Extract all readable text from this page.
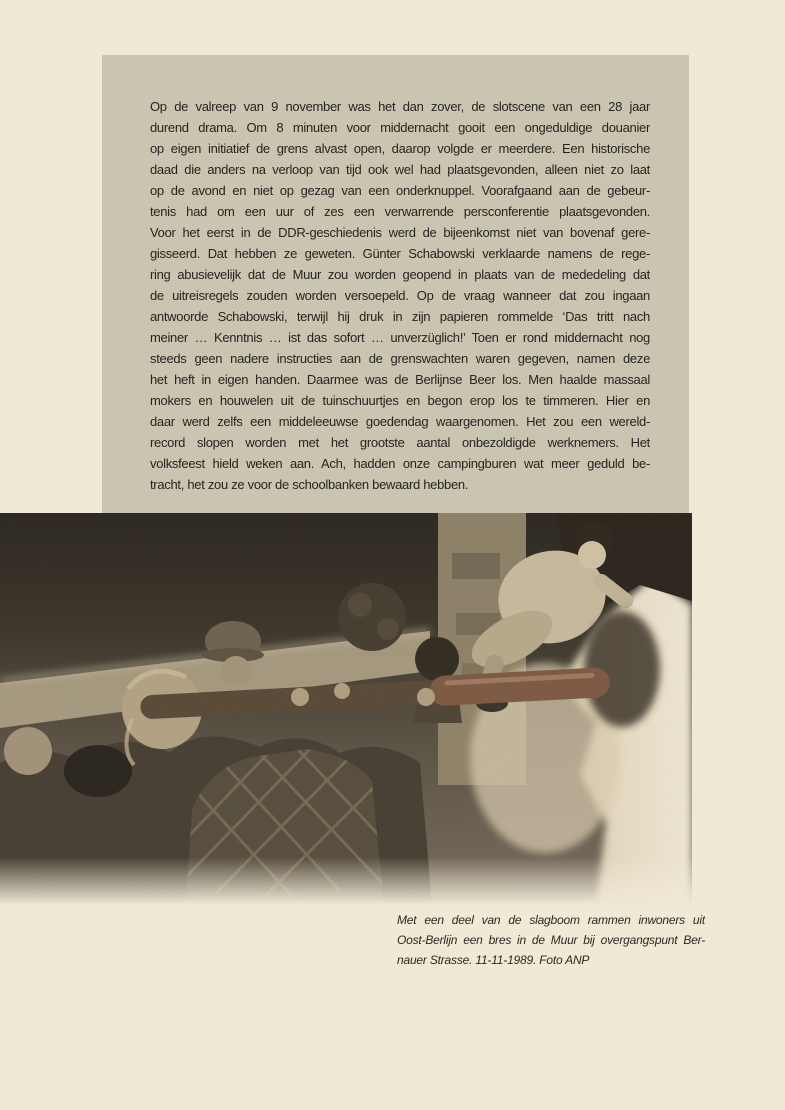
Op de valreep van 9 november was het dan zover, de slotscene van een 28 jaar
durend drama. Om 8 minuten voor middernacht gooit een ongeduldige douanier
op eigen initiatief de grens alvast open, daarop volgde er meerdere. Een historische
daad die anders na verloop van tijd ook wel had plaatsgevonden, alleen niet zo laat
op de avond en niet op gezag van een onderknuppel. Voorafgaand aan de gebeur-
tenis had om een uur of zes een verwarrende persconferentie plaatsgevonden.
Voor het eerst in de DDR-geschiedenis werd de bijeenkomst niet van bovenaf gere-
gisseerd. Dat hebben ze geweten. Günter Schabowski verklaarde namens de rege-
ring abusievelijk dat de Muur zou worden geopend in plaats van de mededeling dat
de uitreisregels zouden worden versoepeld. Op de vraag wanneer dat zou ingaan
antwoorde Schabowski, terwijl hij druk in zijn papieren rommelde ‘Das tritt nach
meiner … Kenntnis … ist das sofort … unverzüglich!’ Toen er rond middernacht nog
steeds geen nadere instructies aan de grenswachten waren gegeven, namen deze
het heft in eigen handen. Daarmee was de Berlijnse Beer los. Men haalde massaal
mokers en houwelen uit de tuinschuurtjes en begon erop los te timmeren. Hier en
daar werd zelfs een middeleeuwse goedendag waargenomen. Het zou een wereld-
record slopen worden met het grootste aantal onbezoldigde werknemers. Het
volksfeest hield weken aan. Ach, hadden onze campingburen wat meer geduld be-
tracht, het zou ze voor de schoolbanken bewaard hebben.
Met een deel van de slagboom rammen inwoners uit
Oost-Berlijn een bres in de Muur bij overgangspunt Ber-
nauer Strasse. 11-11-1989. Foto ANP
